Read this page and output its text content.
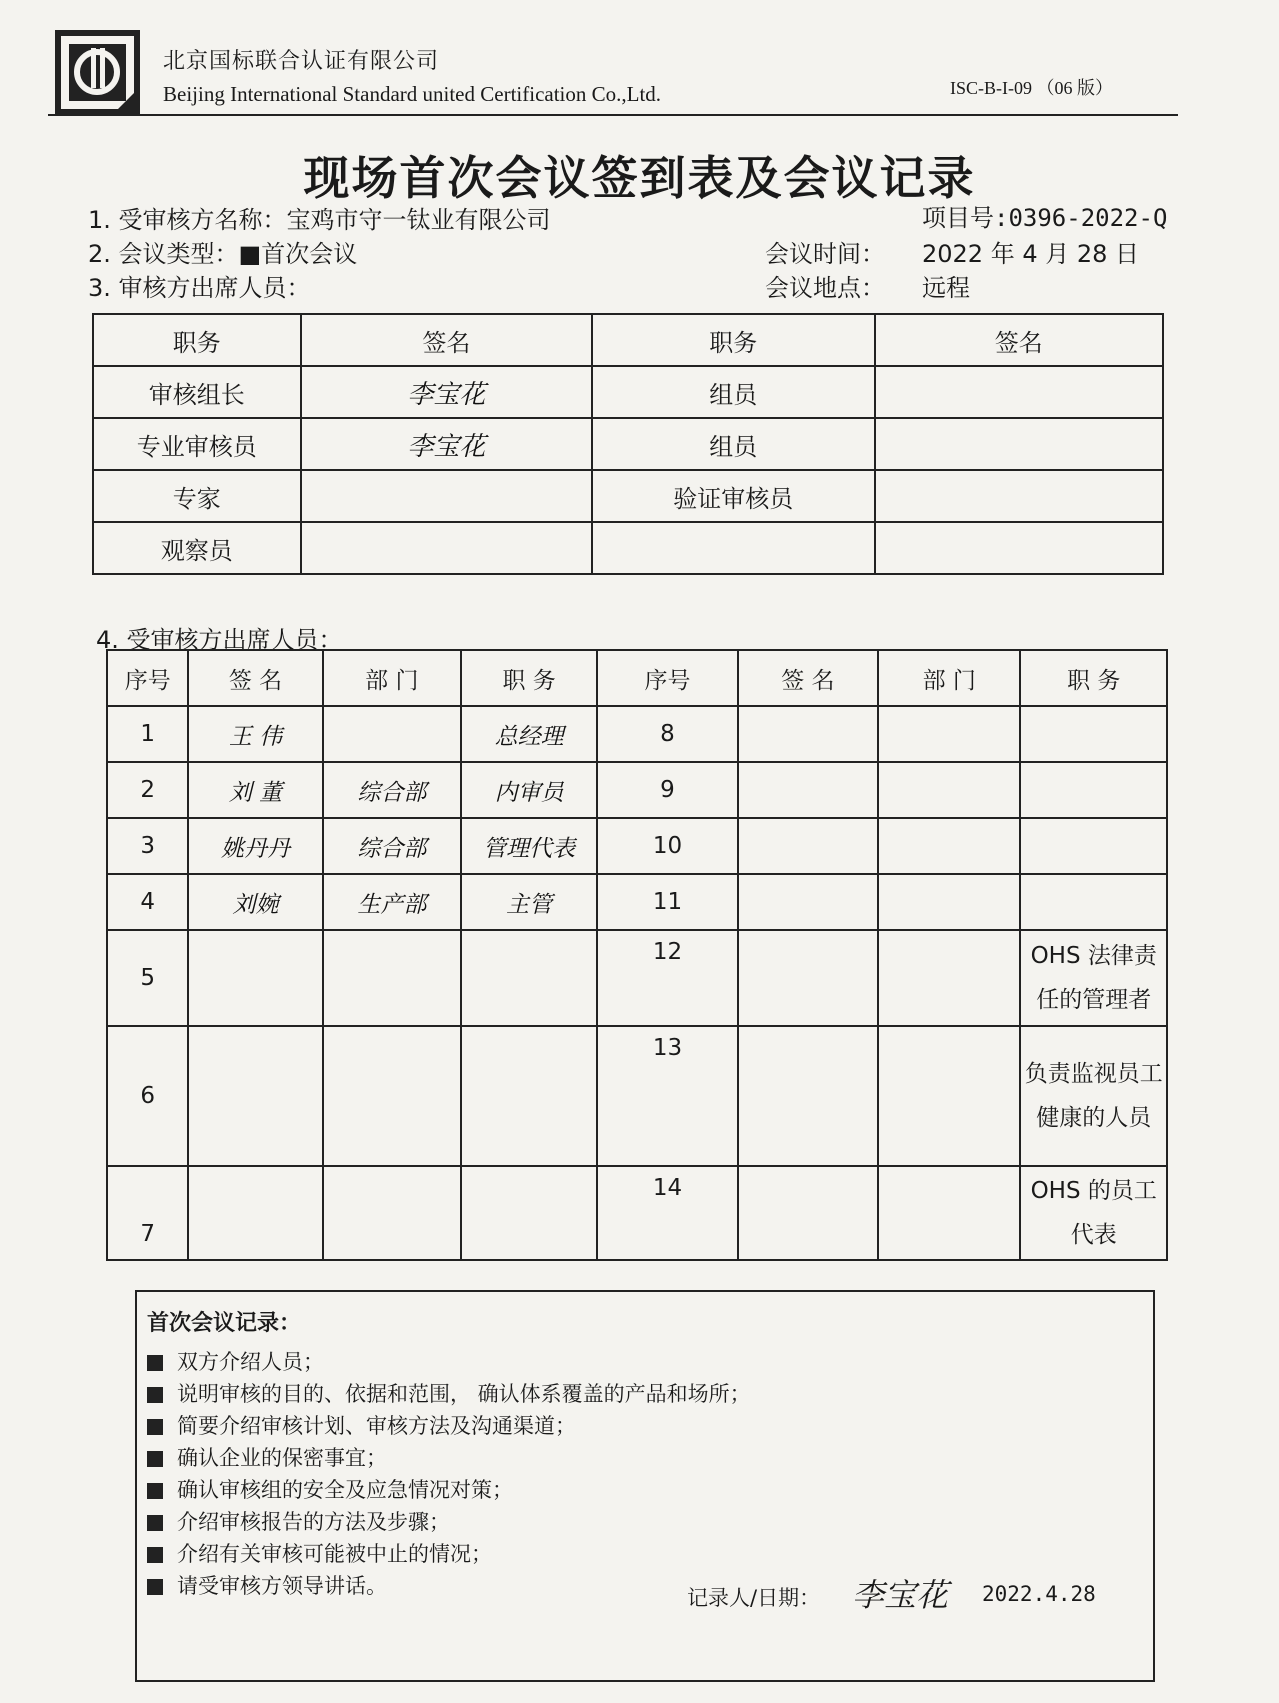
北京国标联合认证有限公司
Beijing International Standard united Certification Co.,Ltd.	ISC-B-I-09 （06 版）
现场首次会议签到表及会议记录
1. 受审核方名称：宝鸡市守一钛业有限公司	项目号:0396-2022-Q
2. 会议类型：■首次会议	会议时间： 2022 年 4 月 28 日
3. 审核方出席人员：	会议地点： 远程
职务	签名	职务	签名
审核组长	李宝花	组员	
专业审核员	李宝花	组员	
专家		验证审核员	
观察员			
4. 受审核方出席人员：
序号	签 名	部 门	职 务	序号	签 名	部 门	职 务
1	王 伟		总经理	8			
2	刘 董	综合部	内审员	9			
3	姚丹丹	综合部	管理代表	10			
4	刘婉	生产部	主管	11			
5				12			OHS 法律责任的管理者
6				13			负责监视员工健康的人员
7				14			OHS 的员工代表
首次会议记录：
双方介绍人员；
说明审核的目的、依据和范围， 确认体系覆盖的产品和场所；
简要介绍审核计划、审核方法及沟通渠道；
确认企业的保密事宜；
确认审核组的安全及应急情况对策；
介绍审核报告的方法及步骤；
介绍有关审核可能被中止的情况；
请受审核方领导讲话。	记录人/日期： 李宝花 2022.4.28
